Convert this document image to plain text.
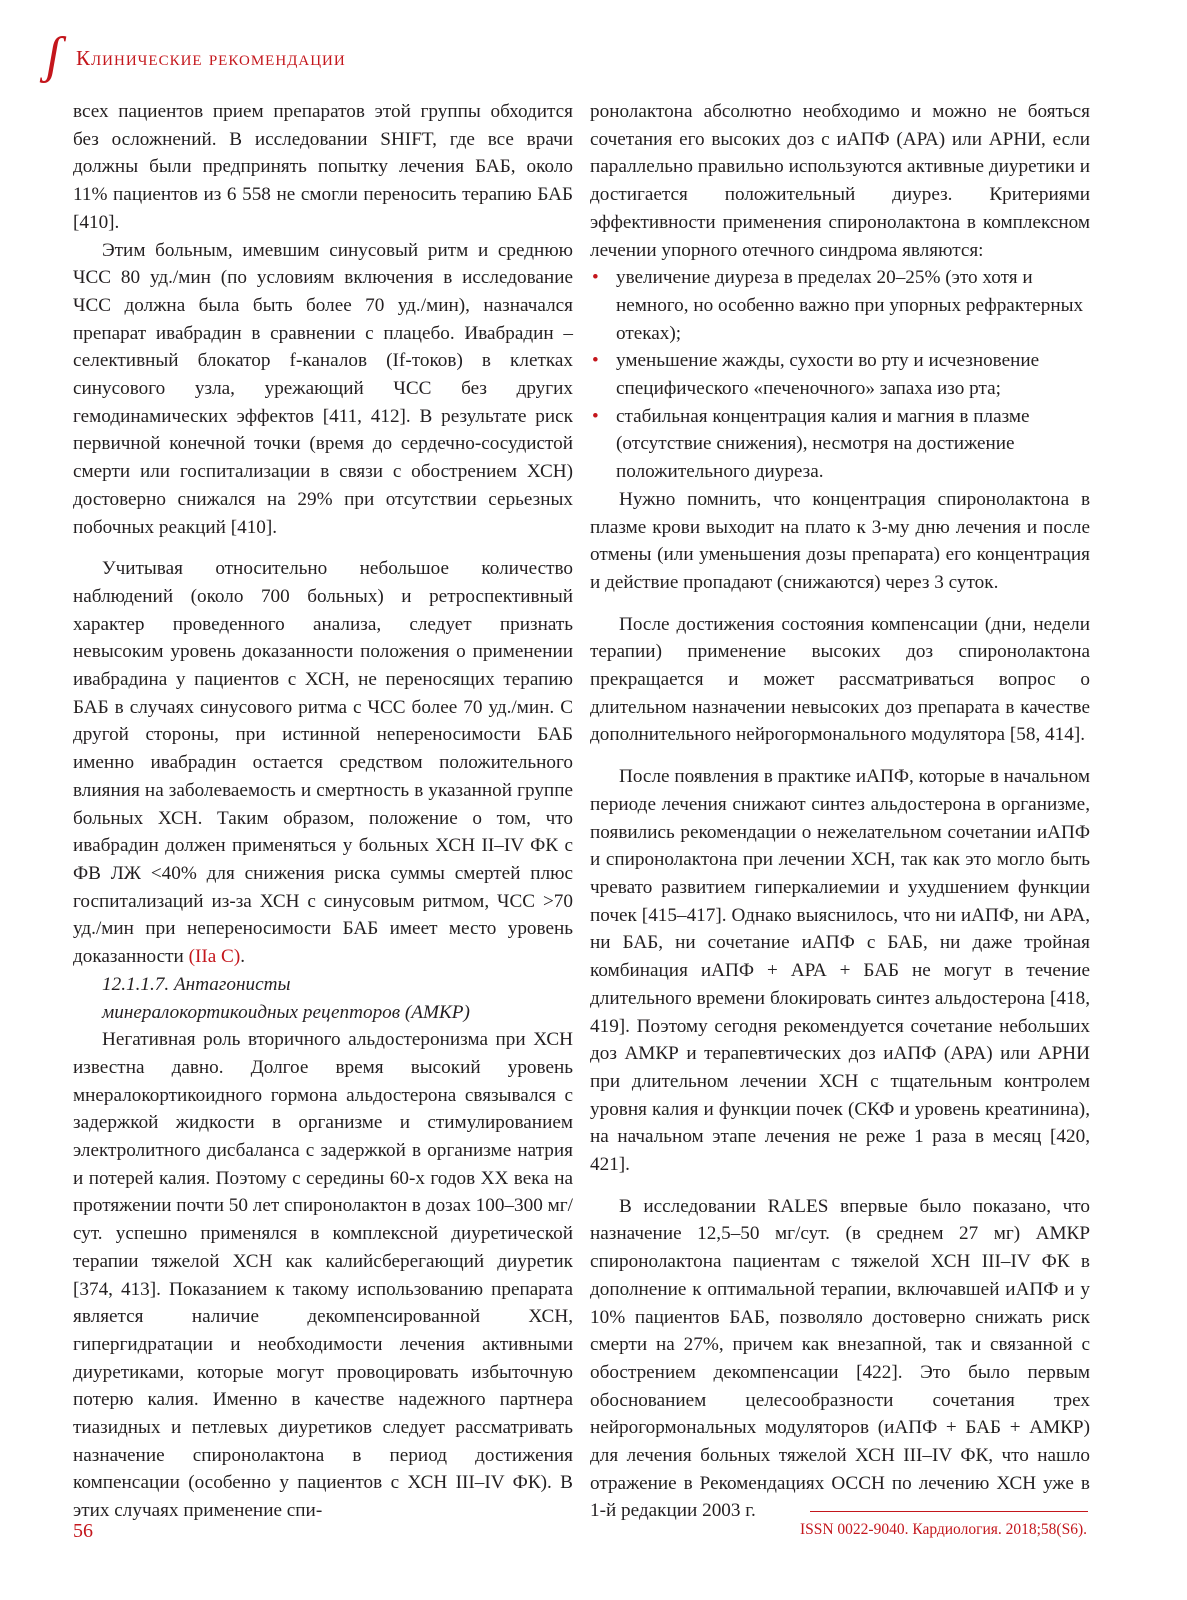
ʃ Клинические рекомендации

всех пациентов прием препаратов этой группы обходится без осложнений. В исследовании SHIFT, где все врачи должны были предпринять попытку лечения БАБ, около 11% пациентов из 6 558 не смогли переносить терапию БАБ [410].

Этим больным, имевшим синусовый ритм и среднюю ЧСС 80 уд./мин (по условиям включения в исследование ЧСС должна была быть более 70 уд./мин), назначался препарат ивабрадин в сравнении с плацебо. Ивабрадин – селективный блокатор f-каналов (If-токов) в клетках синусового узла, урежающий ЧСС без других гемодинамических эффектов [411, 412]. В результате риск первичной конечной точки (время до сердечно-сосудистой смерти или госпитализации в связи с обострением ХСН) достоверно снижался на 29% при отсутствии серьезных побочных реакций [410].

Учитывая относительно небольшое количество наблюдений (около 700 больных) и ретроспективный характер проведенного анализа, следует признать невысоким уровень доказанности положения о применении ивабрадина у пациентов с ХСН, не переносящих терапию БАБ в случаях синусового ритма с ЧСС более 70 уд./мин. С другой стороны, при истинной непереносимости БАБ именно ивабрадин остается средством положительного влияния на заболеваемость и смертность в указанной группе больных ХСН. Таким образом, положение о том, что ивабрадин должен применяться у больных ХСН II–IV ФК с ФВ ЛЖ <40% для снижения риска суммы смертей плюс госпитализаций из-за ХСН с синусовым ритмом, ЧСС >70 уд./мин при непереносимости БАБ имеет место уровень доказанности (IIa C).

12.1.1.7. Антагонисты
минералокортикоидных рецепторов (АМКР)

Негативная роль вторичного альдостеронизма при ХСН известна давно. Долгое время высокий уровень мнералокортикоидного гормона альдостерона связывался с задержкой жидкости в организме и стимулированием электролитного дисбаланса с задержкой в организме натрия и потерей калия. Поэтому с середины 60-х годов XX века на протяжении почти 50 лет спиронолактон в дозах 100–300 мг/сут. успешно применялся в комплексной диуретической терапии тяжелой ХСН как калийсберегающий диуретик [374, 413]. Показанием к такому использованию препарата является наличие декомпенсированной ХСН, гипергидратации и необходимости лечения активными диуретиками, которые могут провоцировать избыточную потерю калия. Именно в качестве надежного партнера тиазидных и петлевых диуретиков следует рассматривать назначение спиронолактона в период достижения компенсации (особенно у пациентов с ХСН III–IV ФК). В этих случаях применение спи-

ронолактона абсолютно необходимо и можно не бояться сочетания его высоких доз с иАПФ (АРА) или АРНИ, если параллельно правильно используются активные диуретики и достигается положительный диурез. Критериями эффективности применения спиронолактона в комплексном лечении упорного отечного синдрома являются:

• увеличение диуреза в пределах 20–25% (это хотя и немного, но особенно важно при упорных рефрактерных отеках);
• уменьшение жажды, сухости во рту и исчезновение специфического «печеночного» запаха изо рта;
• стабильная концентрация калия и магния в плазме (отсутствие снижения), несмотря на достижение положительного диуреза.

Нужно помнить, что концентрация спиронолактона в плазме крови выходит на плато к 3-му дню лечения и после отмены (или уменьшения дозы препарата) его концентрация и действие пропадают (снижаются) через 3 суток.

После достижения состояния компенсации (дни, недели терапии) применение высоких доз спиронолактона прекращается и может рассматриваться вопрос о длительном назначении невысоких доз препарата в качестве дополнительного нейрогормонального модулятора [58, 414].

После появления в практике иАПФ, которые в начальном периоде лечения снижают синтез альдостерона в организме, появились рекомендации о нежелательном сочетании иАПФ и спиронолактона при лечении ХСН, так как это могло быть чревато развитием гиперкалиемии и ухудшением функции почек [415–417]. Однако выяснилось, что ни иАПФ, ни АРА, ни БАБ, ни сочетание иАПФ с БАБ, ни даже тройная комбинация иАПФ + АРА + БАБ не могут в течение длительного времени блокировать синтез альдостерона [418, 419]. Поэтому сегодня рекомендуется сочетание небольших доз АМКР и терапевтических доз иАПФ (АРА) или АРНИ при длительном лечении ХСН с тщательным контролем уровня калия и функции почек (СКФ и уровень креатинина), на начальном этапе лечения не реже 1 раза в месяц [420, 421].

В исследовании RALES впервые было показано, что назначение 12,5–50 мг/сут. (в среднем 27 мг) АМКР спиронолактона пациентам с тяжелой ХСН III–IV ФК в дополнение к оптимальной терапии, включавшей иАПФ и у 10% пациентов БАБ, позволяло достоверно снижать риск смерти на 27%, причем как внезапной, так и связанной с обострением декомпенсации [422]. Это было первым обоснованием целесообразности сочетания трех нейрогормональных модуляторов (иАПФ + БАБ + АМКР) для лечения больных тяжелой ХСН III–IV ФК, что нашло отражение в Рекомендациях ОССН по лечению ХСН уже в 1-й редакции 2003 г.

56	ISSN 0022-9040. Кардиология. 2018;58(S6).
